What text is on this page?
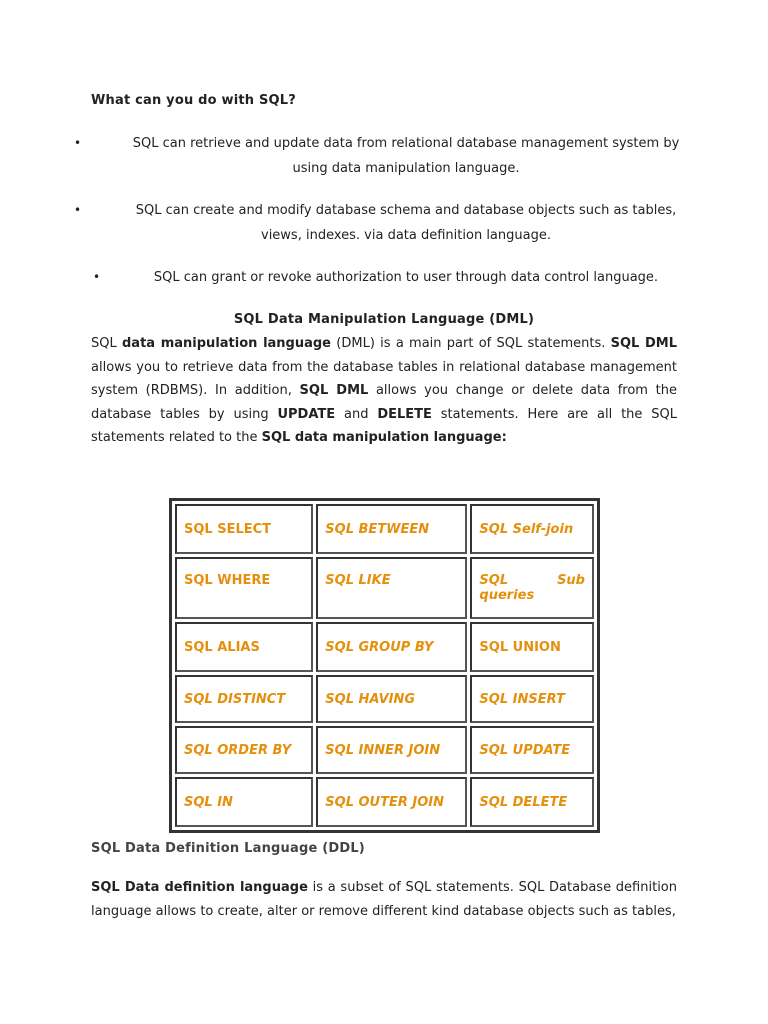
What can you do with SQL?
•	SQL can retrieve and update data from relational database management system by
using data manipulation language.
•	SQL can create and modify database schema and database objects such as tables,
views, indexes. via data definition language.
•	SQL can grant or revoke authorization to user through data control language.
SQL Data Manipulation Language (DML)
SQL data manipulation language (DML) is a main part of SQL statements. SQL DML allows you to retrieve data from the database tables in relational database management system (RDBMS). In addition, SQL DML allows you change or delete data from the database tables by using UPDATE and DELETE statements. Here are all the SQL statements related to the SQL data manipulation language:
SQL SELECT	SQL BETWEEN	SQL Self-join
SQL WHERE	SQL LIKE	SQL Sub
queries

SQL ALIAS	SQL GROUP BY	SQL UNION
SQL DISTINCT	SQL HAVING	SQL INSERT
SQL ORDER BY	SQL INNER JOIN	SQL UPDATE
SQL IN	SQL OUTER JOIN	SQL DELETE
SQL Data Definition Language (DDL)
SQL Data definition language is a subset of SQL statements. SQL Database definition language allows to create, alter or remove different kind database objects such as tables,
